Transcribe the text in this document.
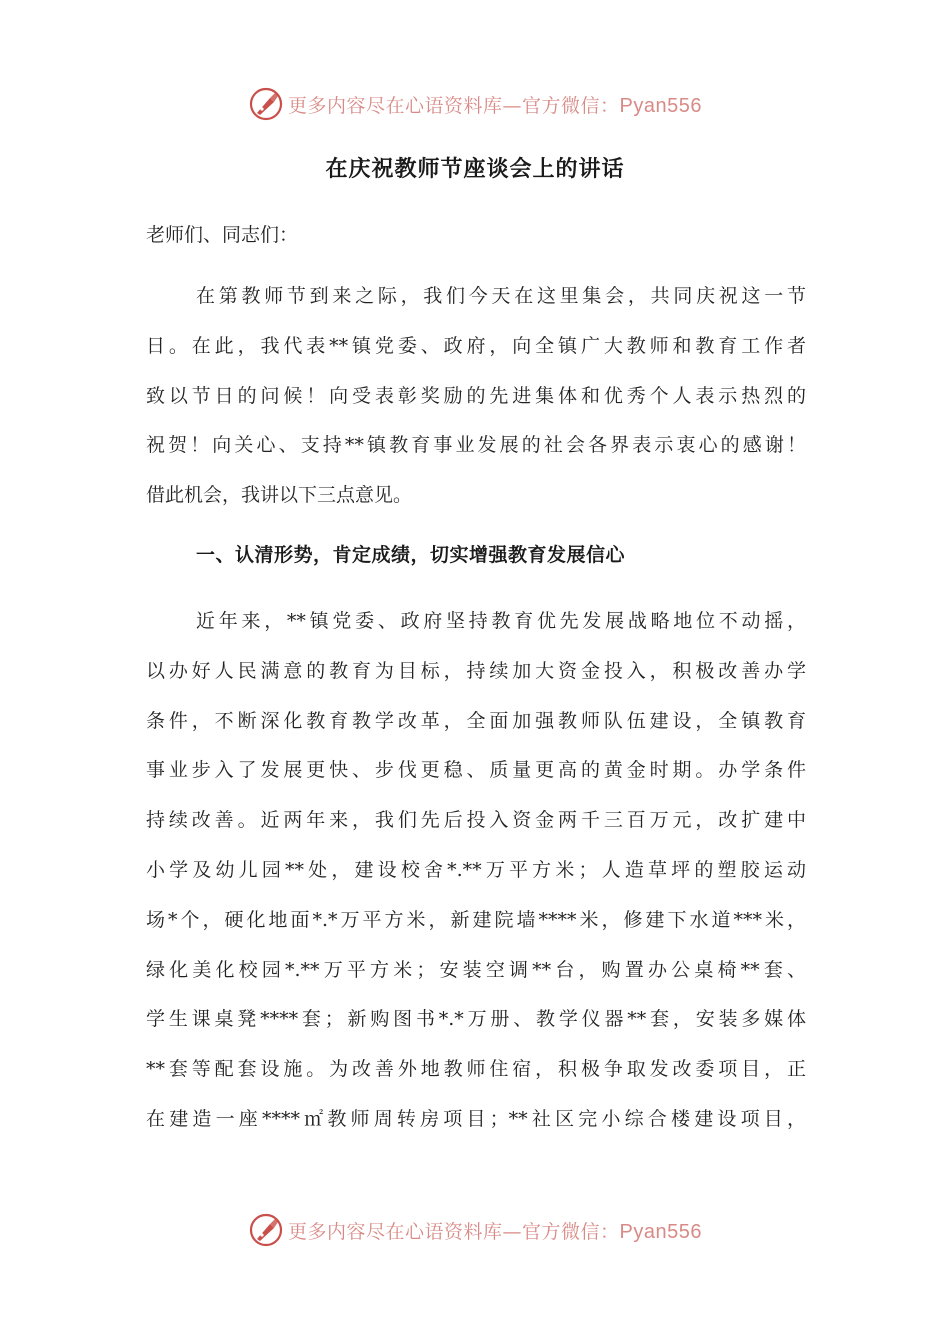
更多内容尽在心语资料库—官方微信：Pyan556
在庆祝教师节座谈会上的讲话
老师们、同志们：
在第教师节到来之际，我们今天在这里集会，共同庆祝这一节
日。在此，我代表**镇党委、政府，向全镇广大教师和教育工作者
致以节日的问候！向受表彰奖励的先进集体和优秀个人表示热烈的
祝贺！向关心、支持**镇教育事业发展的社会各界表示衷心的感谢！
借此机会，我讲以下三点意见。
一、认清形势，肯定成绩，切实增强教育发展信心
近年来，**镇党委、政府坚持教育优先发展战略地位不动摇，
以办好人民满意的教育为目标，持续加大资金投入，积极改善办学
条件，不断深化教育教学改革，全面加强教师队伍建设，全镇教育
事业步入了发展更快、步伐更稳、质量更高的黄金时期。办学条件
持续改善。近两年来，我们先后投入资金两千三百万元，改扩建中
小学及幼儿园**处，建设校舍*.**万平方米；人造草坪的塑胶运动
场*个，硬化地面*.*万平方米，新建院墙****米，修建下水道***米，
绿化美化校园*.**万平方米；安装空调**台，购置办公桌椅**套、
学生课桌凳****套；新购图书*.*万册、教学仪器**套，安装多媒体
**套等配套设施。为改善外地教师住宿，积极争取发改委项目，正
在建造一座****㎡教师周转房项目；**社区完小综合楼建设项目，
更多内容尽在心语资料库—官方微信：Pyan556
